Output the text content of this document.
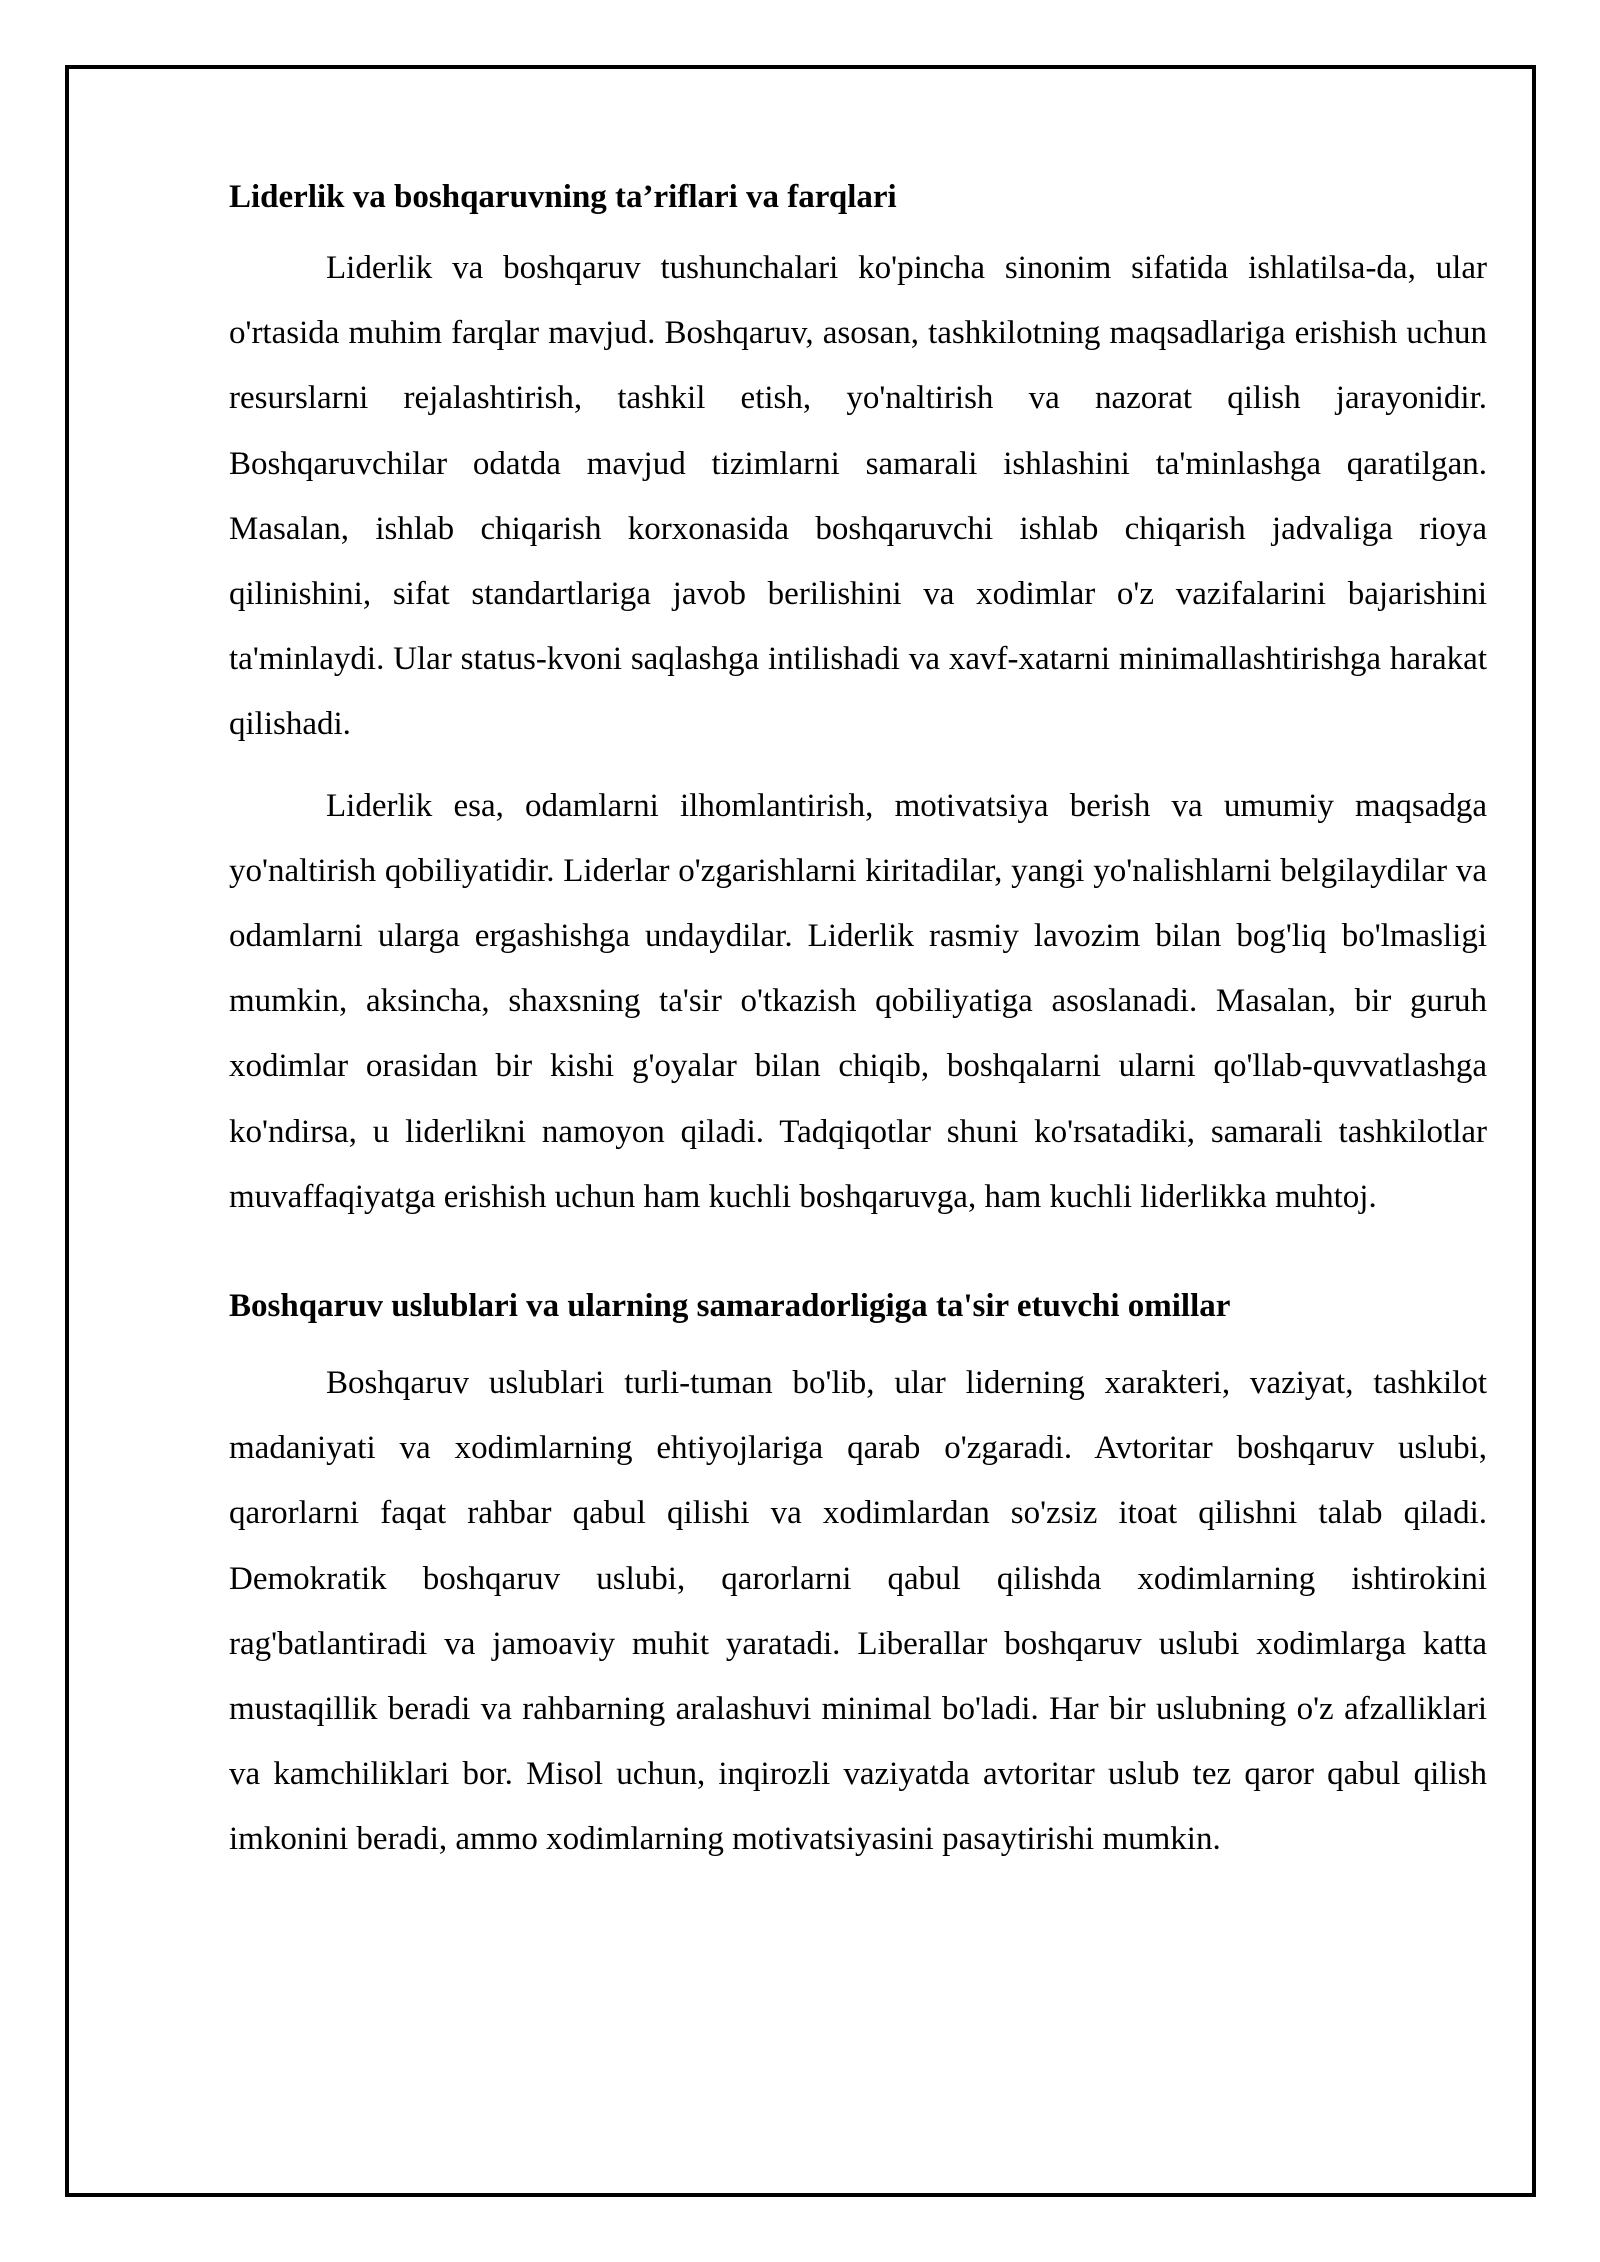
Liderlik va boshqaruvning ta’riflari va farqlari

Liderlik va boshqaruv tushunchalari ko'pincha sinonim sifatida ishlatilsa-da, ular o'rtasida muhim farqlar mavjud. Boshqaruv, asosan, tashkilotning maqsadlariga erishish uchun resurslarni rejalashtirish, tashkil etish, yo'naltirish va nazorat qilish jarayonidir. Boshqaruvchilar odatda mavjud tizimlarni samarali ishlashini ta'minlashga qaratilgan. Masalan, ishlab chiqarish korxonasida boshqaruvchi ishlab chiqarish jadvaliga rioya qilinishini, sifat standartlariga javob berilishini va xodimlar o'z vazifalarini bajarishini ta'minlaydi. Ular status-kvoni saqlashga intilishadi va xavf-xatarni minimallashtirishga harakat qilishadi.

Liderlik esa, odamlarni ilhomlantirish, motivatsiya berish va umumiy maqsadga yo'naltirish qobiliyatidir. Liderlar o'zgarishlarni kiritadilar, yangi yo'nalishlarni belgilaydilar va odamlarni ularga ergashishga undaydilar. Liderlik rasmiy lavozim bilan bog'liq bo'lmasligi mumkin, aksincha, shaxsning ta'sir o'tkazish qobiliyatiga asoslanadi. Masalan, bir guruh xodimlar orasidan bir kishi g'oyalar bilan chiqib, boshqalarni ularni qo'llab-quvvatlashga ko'ndirsa, u liderlikni namoyon qiladi. Tadqiqotlar shuni ko'rsatadiki, samarali tashkilotlar muvaffaqiyatga erishish uchun ham kuchli boshqaruvga, ham kuchli liderlikka muhtoj.

Boshqaruv uslublari va ularning samaradorligiga ta'sir etuvchi omillar

Boshqaruv uslublari turli-tuman bo'lib, ular liderning xarakteri, vaziyat, tashkilot madaniyati va xodimlarning ehtiyojlariga qarab o'zgaradi. Avtoritar boshqaruv uslubi, qarorlarni faqat rahbar qabul qilishi va xodimlardan so'zsiz itoat qilishni talab qiladi. Demokratik boshqaruv uslubi, qarorlarni qabul qilishda xodimlarning ishtirokini rag'batlantiradi va jamoaviy muhit yaratadi. Liberallar boshqaruv uslubi xodimlarga katta mustaqillik beradi va rahbarning aralashuvi minimal bo'ladi. Har bir uslubning o'z afzalliklari va kamchiliklari bor. Misol uchun, inqirozli vaziyatda avtoritar uslub tez qaror qabul qilish imkonini beradi, ammo xodimlarning motivatsiyasini pasaytirishi mumkin.
